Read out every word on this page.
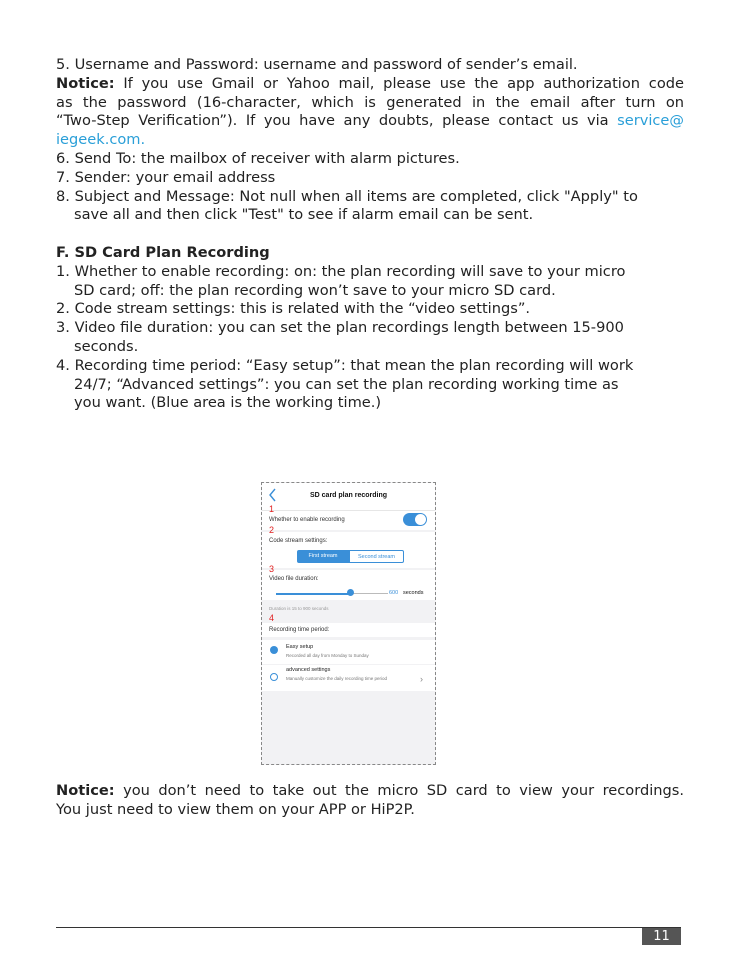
5. Username and Password: username and password of sender’s email.
Notice: If you use Gmail or Yahoo mail, please use the app authorization code
as the password (16-character, which is generated in the email after turn on
“Two-Step Verification”). If you have any doubts, please contact us via service@
iegeek.com.
6. Send To: the mailbox of receiver with alarm pictures.
7. Sender: your email address
8. Subject and Message: Not null when all items are completed, click "Apply" to
save all and then click "Test" to see if alarm email can be sent.
F. SD Card Plan Recording
1. Whether to enable recording: on: the plan recording will save to your micro
SD card; off: the plan recording won’t save to your micro SD card.
2. Code stream settings: this is related with the “video settings”.
3. Video file duration: you can set the plan recordings length between 15-900
seconds.
4. Recording time period: “Easy setup”: that mean the plan recording will work
24/7; “Advanced settings”: you can set the plan recording working time as
you want. (Blue area is the working time.)
SD card plan recording
1
Whether to enable recording
2
Code stream settings:
First stream	Second stream
3
Video file duration:
600 seconds
Duration is 15 to 900 seconds
4
Recording time period:
Easy setup
Recorded all day from Monday to Sunday
advanced settings
Manually customize the daily recording time period	›
Notice: you don’t need to take out the micro SD card to view your recordings.
You just need to view them on your APP or HiP2P.
11
